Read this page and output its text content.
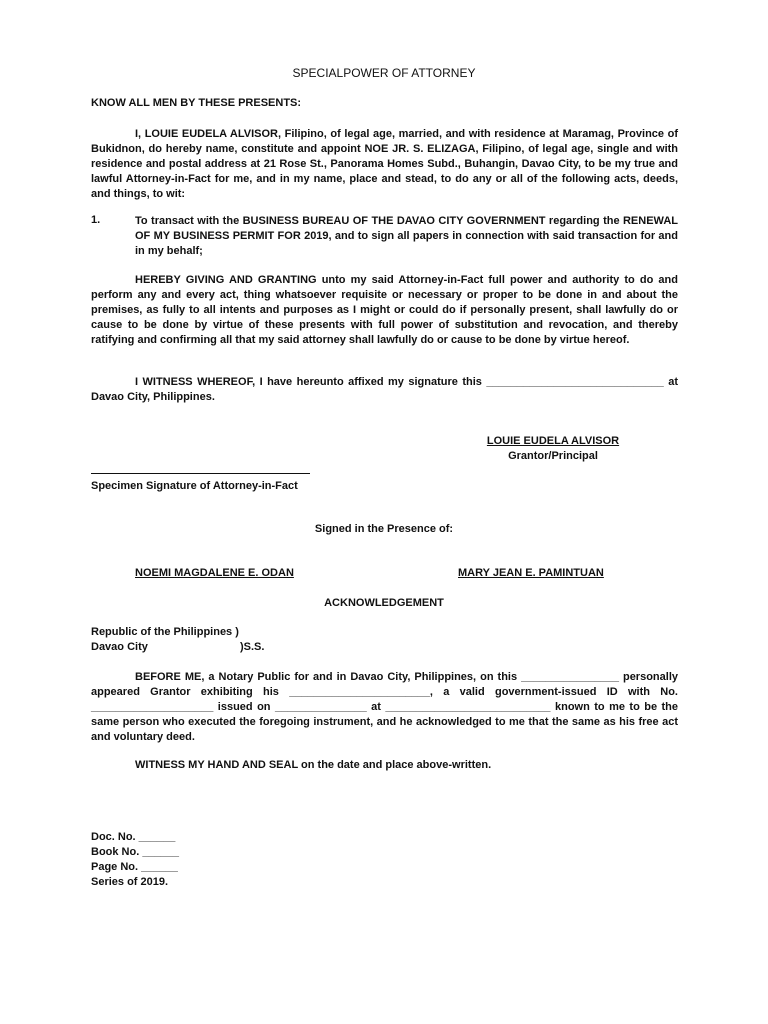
SPECIALPOWER OF ATTORNEY
KNOW ALL MEN BY THESE PRESENTS:

I, LOUIE EUDELA ALVISOR, Filipino, of legal age, married, and with residence at Maramag, Province of Bukidnon, do hereby name, constitute and appoint NOE JR. S. ELIZAGA, Filipino, of legal age, single and with residence and postal address at 21 Rose St., Panorama Homes Subd., Buhangin, Davao City, to be my true and lawful Attorney-in-Fact for me, and in my name, place and stead, to do any or all of the following acts, deeds, and things, to wit:

1.	To transact with the BUSINESS BUREAU OF THE DAVAO CITY GOVERNMENT regarding the RENEWAL OF MY BUSINESS PERMIT FOR 2019, and to sign all papers in connection with said transaction for and in my behalf;

HEREBY GIVING AND GRANTING unto my said Attorney-in-Fact full power and authority to do and perform any and every act, thing whatsoever requisite or necessary or proper to be done in and about the premises, as fully to all intents and purposes as I might or could do if personally present, shall lawfully do or cause to be done by virtue of these presents with full power of substitution and revocation, and thereby ratifying and confirming all that my said attorney shall lawfully do or cause to be done by virtue hereof.

I WITNESS WHEREOF, I have hereunto affixed my signature this _____________________________ at Davao City, Philippines.

LOUIE EUDELA ALVISOR
Grantor/Principal
Specimen Signature of Attorney-in-Fact
Signed in the Presence of:
NOEMI MAGDALENE E. ODAN	MARY JEAN E. PAMINTUAN
ACKNOWLEDGEMENT
Republic of the Philippines )
Davao City	)S.S.

BEFORE ME, a Notary Public for and in Davao City, Philippines, on this ________________ personally appeared Grantor exhibiting his _______________________, a valid government-issued ID with No. ____________________ issued on _______________ at ___________________________ known to me to be the same person who executed the foregoing instrument, and he acknowledged to me that the same as his free act and voluntary deed.

WITNESS MY HAND AND SEAL on the date and place above-written.
Doc. No. ______
Book No. ______
Page No. ______
Series of 2019.
